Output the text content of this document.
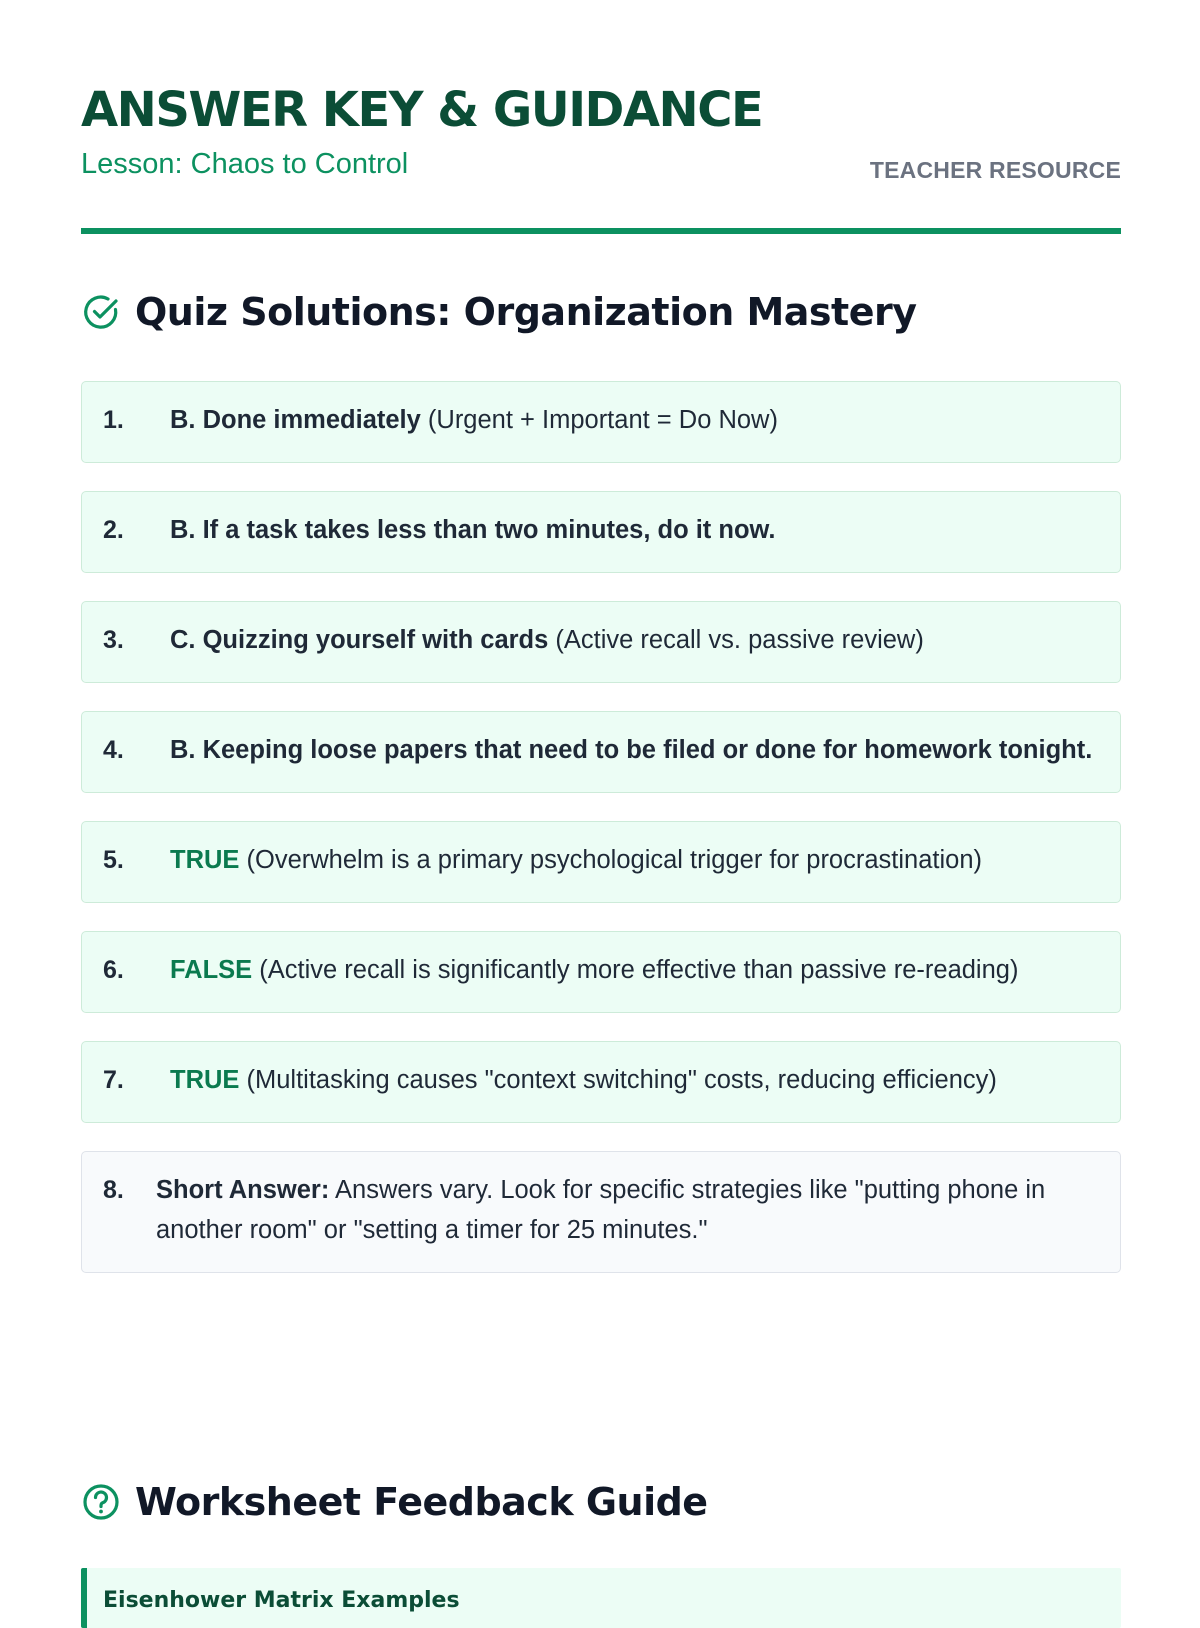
ANSWER KEY & GUIDANCE
Lesson: Chaos to Control	TEACHER RESOURCE
Quiz Solutions: Organization Mastery
1.	B. Done immediately (Urgent + Important = Do Now)
2.	B. If a task takes less than two minutes, do it now.
3.	C. Quizzing yourself with cards (Active recall vs. passive review)
4.	B. Keeping loose papers that need to be filed or done for homework tonight.
5.	TRUE (Overwhelm is a primary psychological trigger for procrastination)
6.	FALSE (Active recall is significantly more effective than passive re-reading)
7.	TRUE (Multitasking causes "context switching" costs, reducing efficiency)
8.	Short Answer: Answers vary. Look for specific strategies like "putting phone in another room" or "setting a timer for 25 minutes."
Worksheet Feedback Guide
Eisenhower Matrix Examples
